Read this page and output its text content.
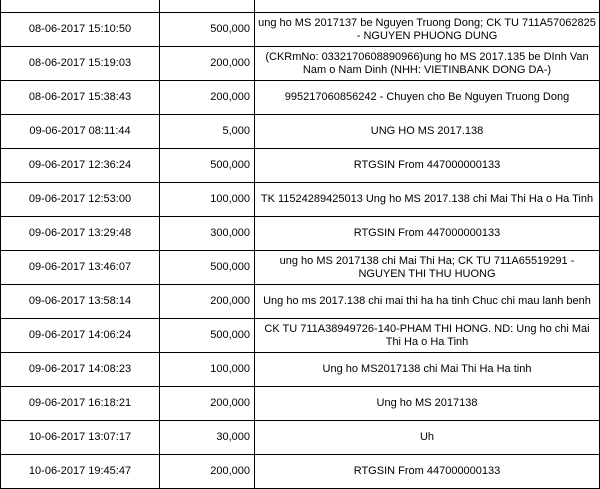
08-06-2017 15:10:50	500,000	ung ho MS 2017137 be Nguyen Truong Dong; CK TU 711A57062825 - NGUYEN PHUONG DUNG
08-06-2017 15:19:03	200,000	(CKRmNo: 0332170608890966)ung ho MS 2017.135 be DInh Van Nam o Nam Dinh (NHH: VIETINBANK DONG DA-)
08-06-2017 15:38:43	200,000	995217060856242 - Chuyen cho Be Nguyen Truong Dong
09-06-2017 08:11:44	5,000	UNG HO MS 2017.138
09-06-2017 12:36:24	500,000	RTGSIN From 447000000133
09-06-2017 12:53:00	100,000	TK 11524289425013 Ung ho MS 2017.138 chi Mai Thi Ha o Ha Tinh
09-06-2017 13:29:48	300,000	RTGSIN From 447000000133
09-06-2017 13:46:07	500,000	ung ho MS 2017138 chi Mai Thi Ha; CK TU 711A65519291 - NGUYEN THI THU HUONG
09-06-2017 13:58:14	200,000	Ung ho ms 2017.138 chi mai thi ha ha tinh Chuc chi mau lanh benh
09-06-2017 14:06:24	500,000	CK TU 711A38949726-140-PHAM THI HONG. ND: Ung ho chi Mai Thi Ha o Ha Tinh
09-06-2017 14:08:23	100,000	Ung ho MS2017138 chi Mai Thi Ha Ha tinh
09-06-2017 16:18:21	200,000	Ung ho MS 2017138
10-06-2017 13:07:17	30,000	Uh
10-06-2017 19:45:47	200,000	RTGSIN From 447000000133
